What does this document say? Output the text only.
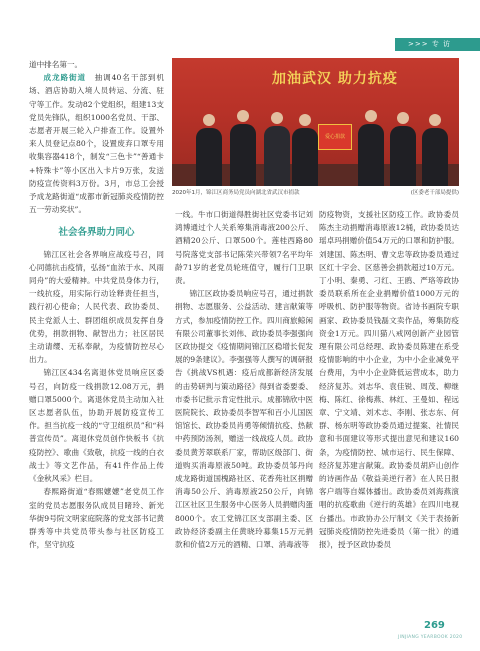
>>> 专 访

道中排名第一。

成龙路街道　 抽调40名干部到机场、酒店协助入境人员转运、分流、驻守等工作。发动82个党组织，组建13支党员先锋队，组织1000名党员、干部、志愿者开展三轮入户排查工作。设置外来人员登记点80个，设置废弃口罩专用收集容器418个，制发“三色卡”“善通卡+特殊卡”等小区出入卡片9万张，发送防疫宣传资料3万份。3月，市总工会授予成龙路街道“成都市新冠肺炎疫情防控五一劳动奖状”。

社会各界助力同心

锦江区社会各界响应战疫号召，同心同德抗击疫情，弘扬“血浓于水、风雨同舟”的大爱精神。中共党员身体力行，一线抗疫，用实际行动诠释责任担当，践行初心使命；人民代表、政协委员、民主党派人士、群团组织成员发挥自身优势，捐款捐物、献智出力；社区居民主动请缨、无私奉献，为疫情防控尽心出力。

锦江区434名离退休党员响应区委号召，向防疫一线捐款12.08万元，捐赠口罩5000个。离退休党员主动加入社区志愿者队伍，协助开展防疫宣传工作。担当抗疫一线的“守卫组织员”和“科普宣传员”。离退休党员创作快板书《抗疫防控》、歌曲《致敬，抗疫一线的白衣战士》等文艺作品，有41件作品上传《金秋风采》栏目。

春熙路街道“春熙嬷嬷”老党员工作室的党员志愿服务队成员目睹玲、新光华街9号院文明家庭院落的党支部书记黄群秀等中共党员带头参与社区防疫工作，坚守抗疫

加油武汉 助力抗疫
爱心捐款
2020年1月，锦江区商务局党员向湖北省武汉市捐款	(区委老干部局提供)

一线。牛市口街道得胜街社区党委书记刘鸿博通过个人关系筹集消毒液200公斤、酒精20公斤、口罩500个。莲桂西路80号院落党支部书记陈荣兴带领7名平均年龄71岁的老党员轮班值守，履行门卫职责。

锦江区政协委员响应号召，通过捐款捐物、志愿服务、公益活动、建言献策等方式，参加疫情防控工作。四川商旅鲸闲有限公司董事长刘伟、政协委员李强强向区政协提交《疫情期间锦江区稳增长促发展的9条建议》。李强强等人撰写的调研报告《挑战VS机遇：疫后成都新经济发展的击势研判与策动路径》得到省委要委、市委书记批示肯定性批示。成都锦欣中医医院院长、政协委员李智军和百小儿国医馆馆长、政协委员肖勇等倾情抗疫、热献中药预防汤剂，赠送一线战疫人员。政协委员黄芳翠联系厂家，帮助区级部门、街道购买消毒原液50吨。政协委员邹丹向成龙路街道国槐路社区、花香苑社区捐赠消毒50公斤、消毒原液250公斤，向锦江区社区卫生服务中心医务人员捐赠肉蛋8000个。农工党锦江区支部副主委、区政协经济委副主任黄晓玲募集15万元捐款和价值2万元的酒精、口罩、消毒液等

防疫物资，支援社区防疫工作。政协委员陈杰主动捐赠消毒原液12桶，政协委员达瑶卓玛捐赠价值54万元的口罩和防护服。刘建国、陈杰明、曹文忠等政协委员通过区红十字会、区慈善会捐款超过10万元。丁小明、秦勇、刁红、王鸥、严珞等政协委员联系所在企业捐赠价值1000万元的呼吸机、防护服等物资。省诗书画院专职画家、政协委员钱磊文卖作品，筹集防疫资金1万元。四川猫八戒网创新产业园管理有限公司总经理、政协委员陈建在系受疫情影响的中小企业，为中小企业减免平台费用，为中小企业降低运营成本，助力经济复苏。刘志华、袁佳锐、周茂、柳继梅、陈红、徐梅燕、林红、王曼如、程远章、宁文靖、刘术志、李刚、张志东、何群、杨东明等政协委员通过提案、社情民意和书面建议等形式提出意见和建议160条，为疫情防控、城市运行、民生保障、经济复苏建言献策。政协委员胡庐山创作的诗画作品《敬益美逆行者》在人民日报客户端等自媒体播出。政协委员刘海燕演唱的抗疫歌曲《逆行的英雄》在四川电视台播出。市政协办公厅制文《关于表扬新冠肺炎疫情防控先进委员（第一批）的通报》，授予区政协委员

269
JINJIANG YEARBOOK 2020
